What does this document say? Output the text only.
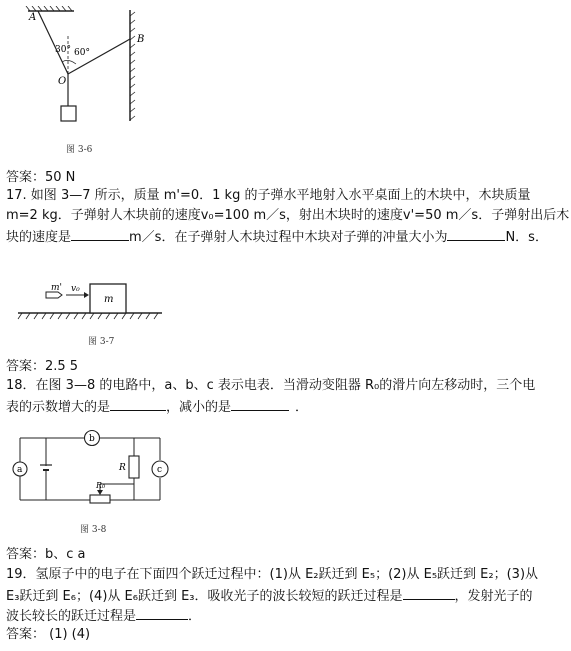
A
B
O
30° 60°
图 3-6
答案：50 N
17. 如图 3—7 所示，质量 m'=0．1 kg 的子弹水平地射入水平桌面上的木块中，木块质量
m=2 kg．子弹射人木块前的速度v₀=100 m／s，射出木块时的速度v'=50 m／s．子弹射出后木
块的速度是	m／s．在子弹射人木块过程中木块对子弹的冲量大小为	N．s．
m' v₀
m
图 3-7
答案：2.5 5
18．在图 3—8 的电路中，a、b、c 表示电表．当滑动变阻器 R₀的滑片向左移动时，三个电
表的示数增大的是	，减小的是	．
a
b
c
R
R₀
图 3-8
答案：b、c a
19．氢原子中的电子在下面四个跃迁过程中：(1)从 E₂跃迁到 E₅；(2)从 E₅跃迁到 E₂；(3)从
E₃跃迁到 E₆；(4)从 E₆跃迁到 E₃．吸收光子的波长较短的跃迁过程是	，发射光子的
波长较长的跃迁过程是	．
答案： (1) (4)
